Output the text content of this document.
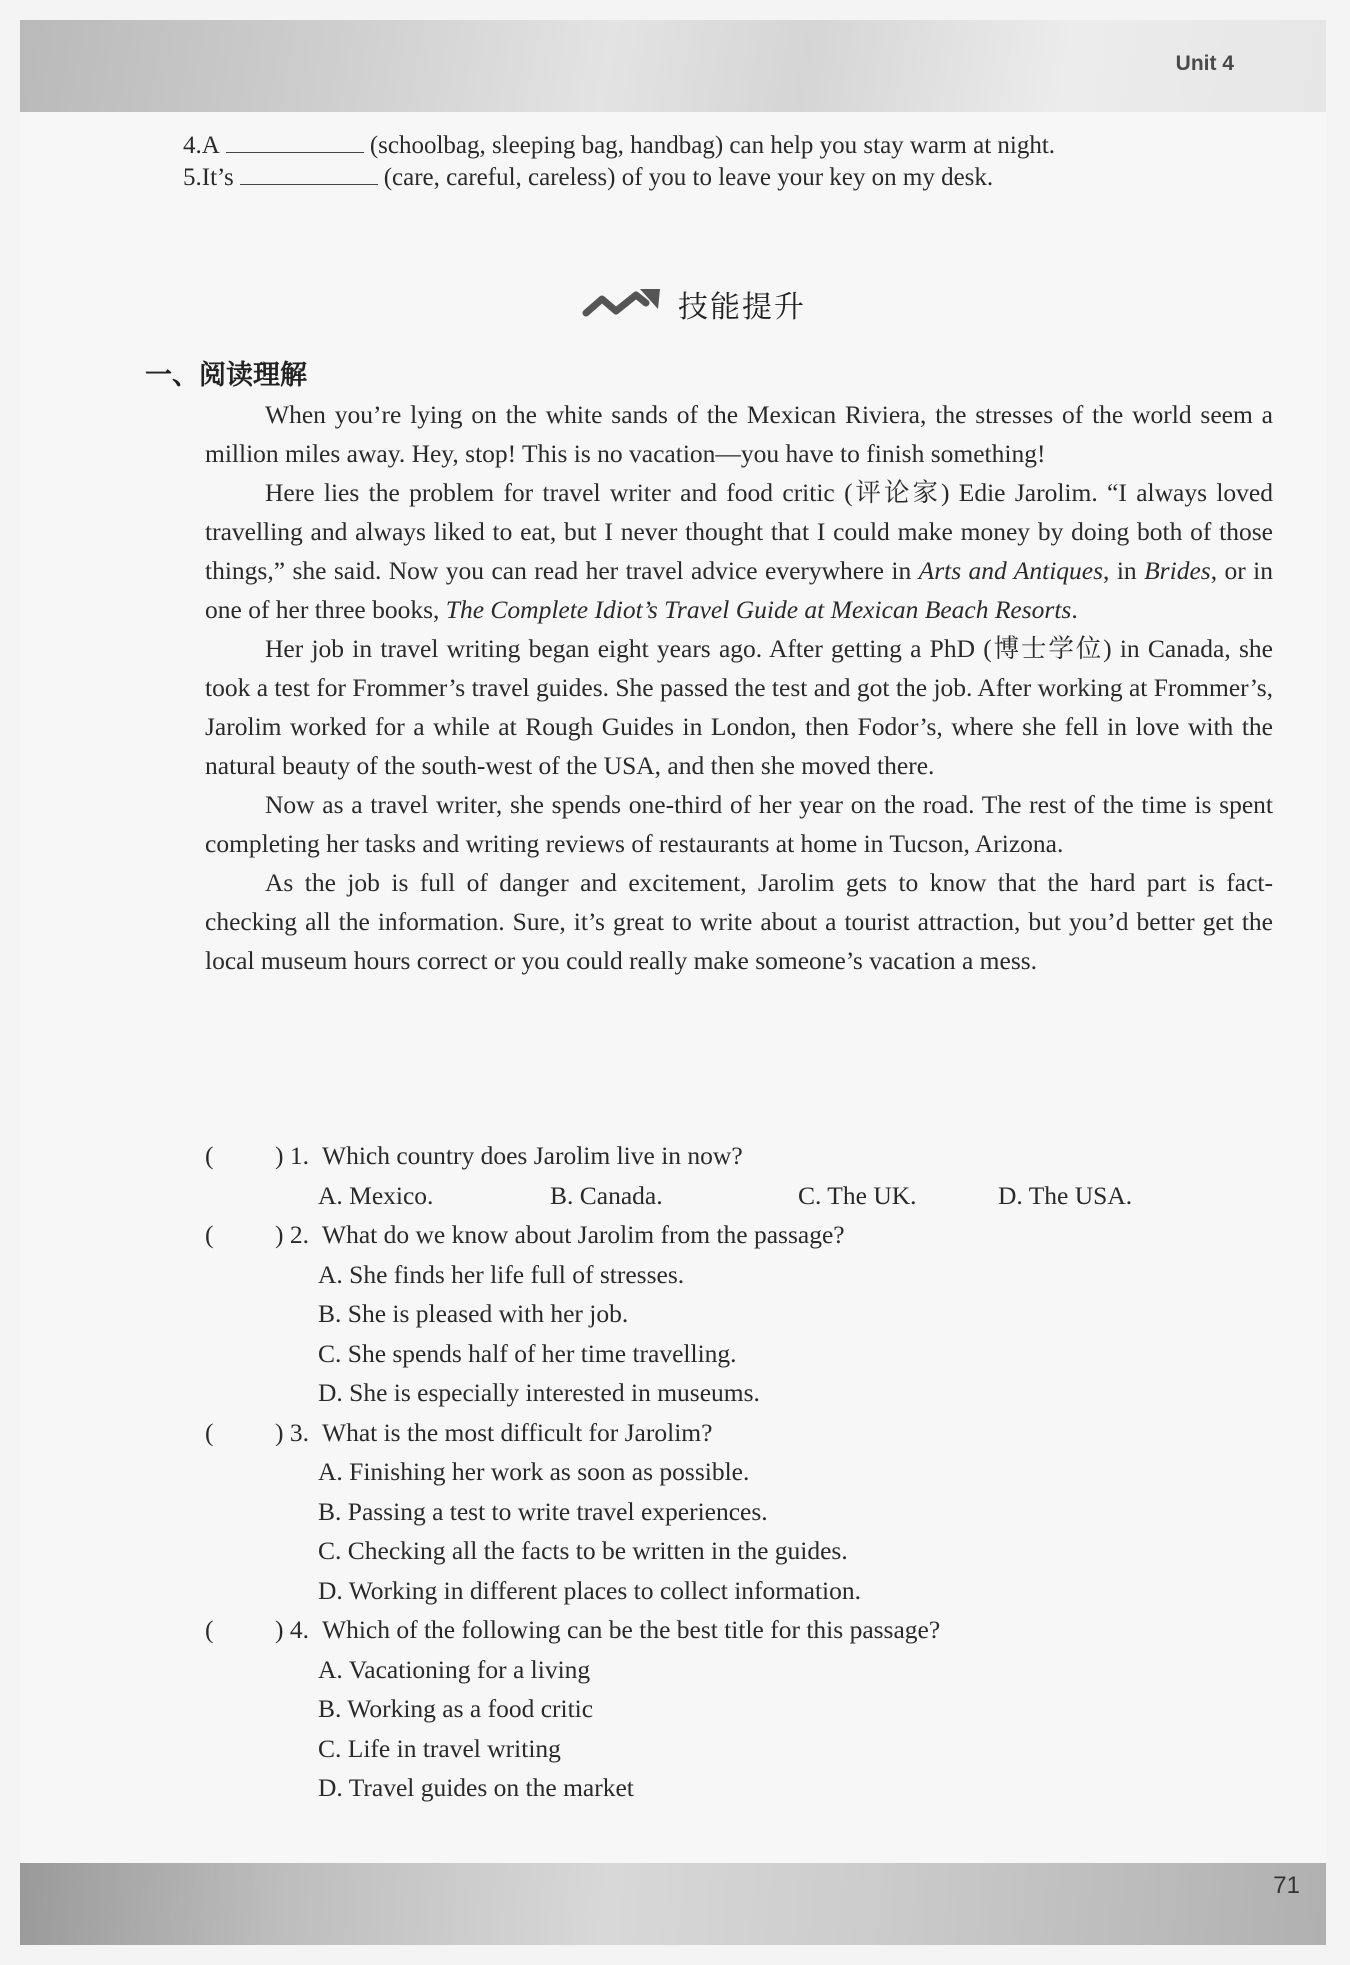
Unit 4
4.A	(schoolbag, sleeping bag, handbag) can help you stay warm at night.
5.It’s	(care, careful, careless) of you to leave your key on my desk.
技能提升
一、阅读理解

When you’re lying on the white sands of the Mexican Riviera, the stresses of the world seem a million miles away. Hey, stop! This is no vacation—you have to finish something!

Here lies the problem for travel writer and food critic (评论家) Edie Jarolim. “I always loved travelling and always liked to eat, but I never thought that I could make money by doing both of those things,” she said. Now you can read her travel advice everywhere in Arts and Antiques, in Brides, or in one of her three books, The Complete Idiot’s Travel Guide at Mexican Beach Resorts.

Her job in travel writing began eight years ago. After getting a PhD (博士学位) in Canada, she took a test for Frommer’s travel guides. She passed the test and got the job. After working at Frommer’s, Jarolim worked for a while at Rough Guides in London, then Fodor’s, where she fell in love with the natural beauty of the south-west of the USA, and then she moved there.

Now as a travel writer, she spends one-third of her year on the road. The rest of the time is spent completing her tasks and writing reviews of restaurants at home in Tucson, Arizona.

As the job is full of danger and excitement, Jarolim gets to know that the hard part is fact-checking all the information. Sure, it’s great to write about a tourist attraction, but you’d better get the local museum hours correct or you could really make someone’s vacation a mess.

(	) 1. Which country does Jarolim live in now?
A. Mexico.	B. Canada.	C. The UK.	D. The USA.
(	) 2. What do we know about Jarolim from the passage?
A. She finds her life full of stresses.
B. She is pleased with her job.
C. She spends half of her time travelling.
D. She is especially interested in museums.
(	) 3. What is the most difficult for Jarolim?
A. Finishing her work as soon as possible.
B. Passing a test to write travel experiences.
C. Checking all the facts to be written in the guides.
D. Working in different places to collect information.
(	) 4. Which of the following can be the best title for this passage?
A. Vacationing for a living
B. Working as a food critic
C. Life in travel writing
D. Travel guides on the market
71
